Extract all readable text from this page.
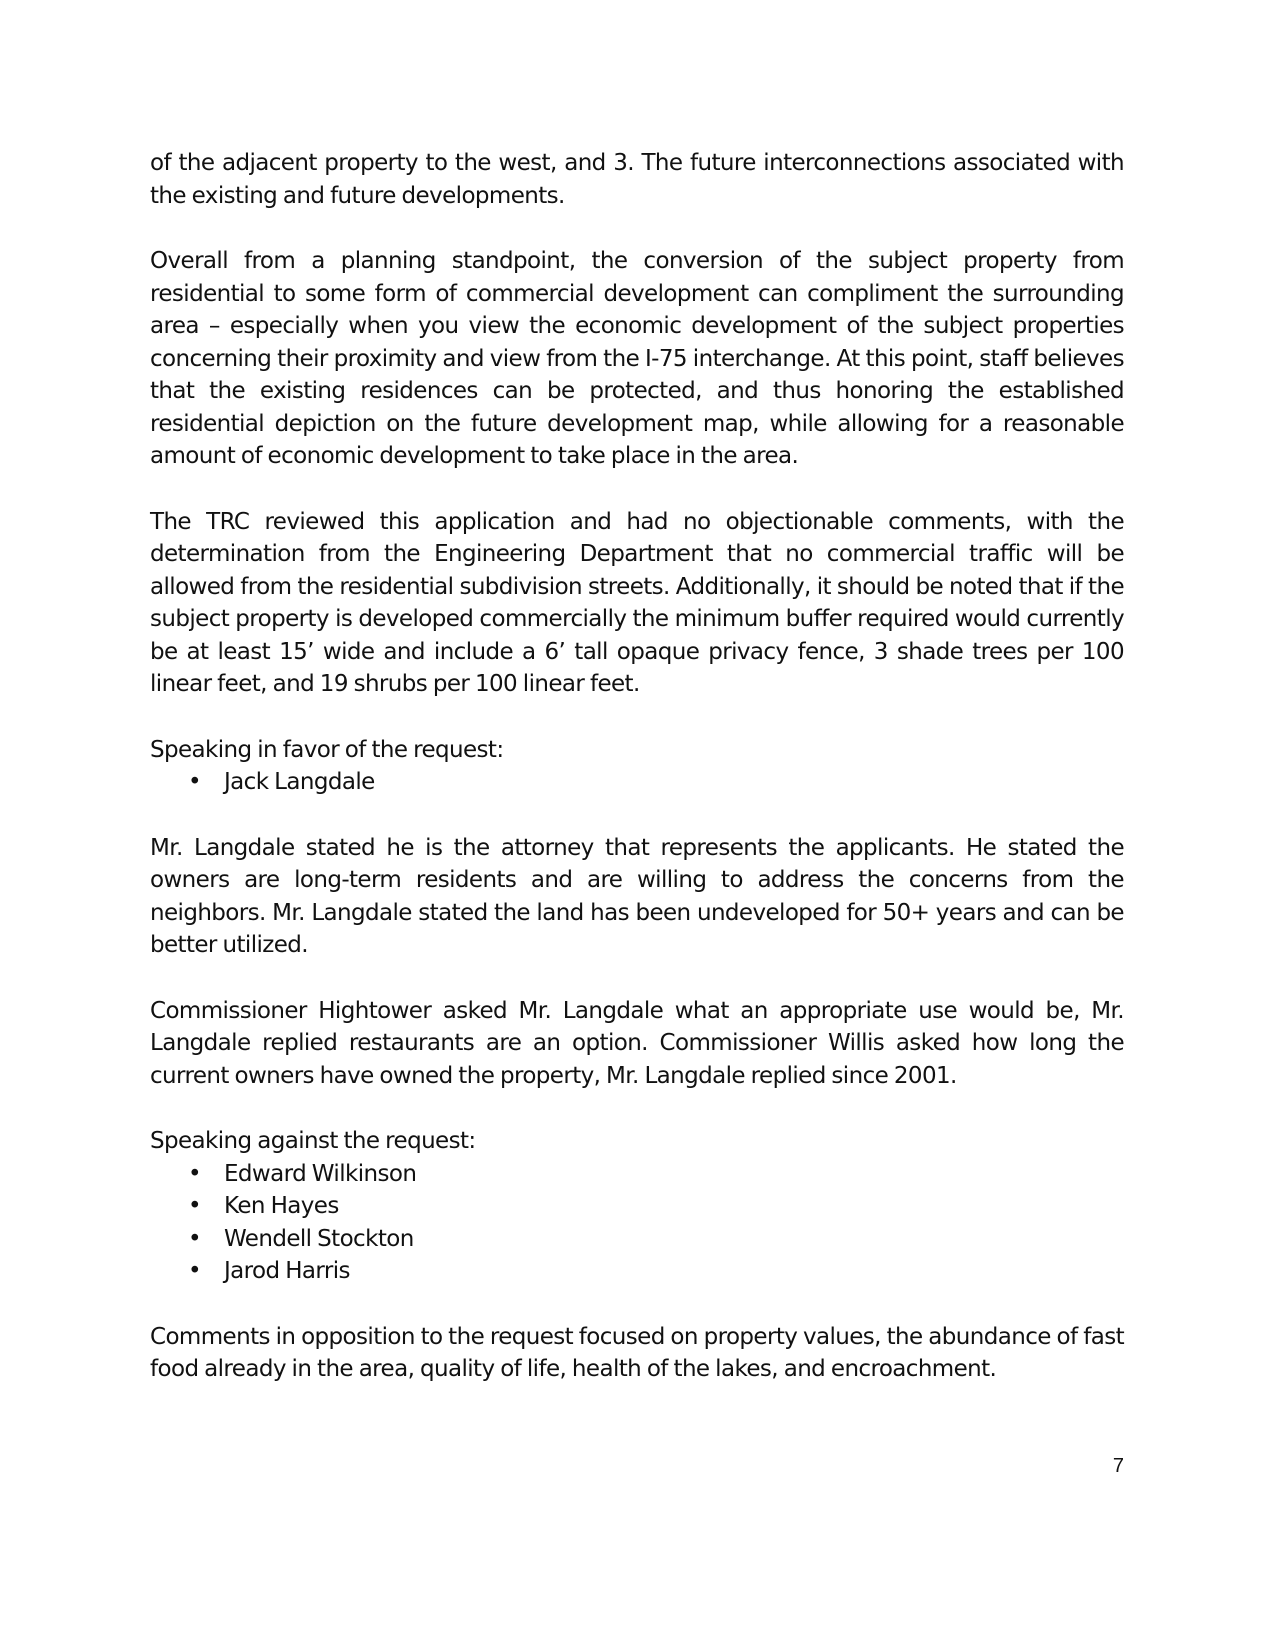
of the adjacent property to the west, and 3. The future interconnections associated with the existing and future developments.

Overall from a planning standpoint, the conversion of the subject property from residential to some form of commercial development can compliment the surrounding area – especially when you view the economic development of the subject properties concerning their proximity and view from the I-75 interchange. At this point, staff believes that the existing residences can be protected, and thus honoring the established residential depiction on the future development map, while allowing for a reasonable amount of economic development to take place in the area.

The TRC reviewed this application and had no objectionable comments, with the determination from the Engineering Department that no commercial traffic will be allowed from the residential subdivision streets. Additionally, it should be noted that if the subject property is developed commercially the minimum buffer required would currently be at least 15’ wide and include a 6’ tall opaque privacy fence, 3 shade trees per 100 linear feet, and 19 shrubs per 100 linear feet.

Speaking in favor of the request:

• Jack Langdale

Mr. Langdale stated he is the attorney that represents the applicants. He stated the owners are long-term residents and are willing to address the concerns from the neighbors. Mr. Langdale stated the land has been undeveloped for 50+ years and can be better utilized.

Commissioner Hightower asked Mr. Langdale what an appropriate use would be, Mr. Langdale replied restaurants are an option. Commissioner Willis asked how long the current owners have owned the property, Mr. Langdale replied since 2001.

Speaking against the request:

• Edward Wilkinson
• Ken Hayes
• Wendell Stockton
• Jarod Harris

Comments in opposition to the request focused on property values, the abundance of fast food already in the area, quality of life, health of the lakes, and encroachment.

7
